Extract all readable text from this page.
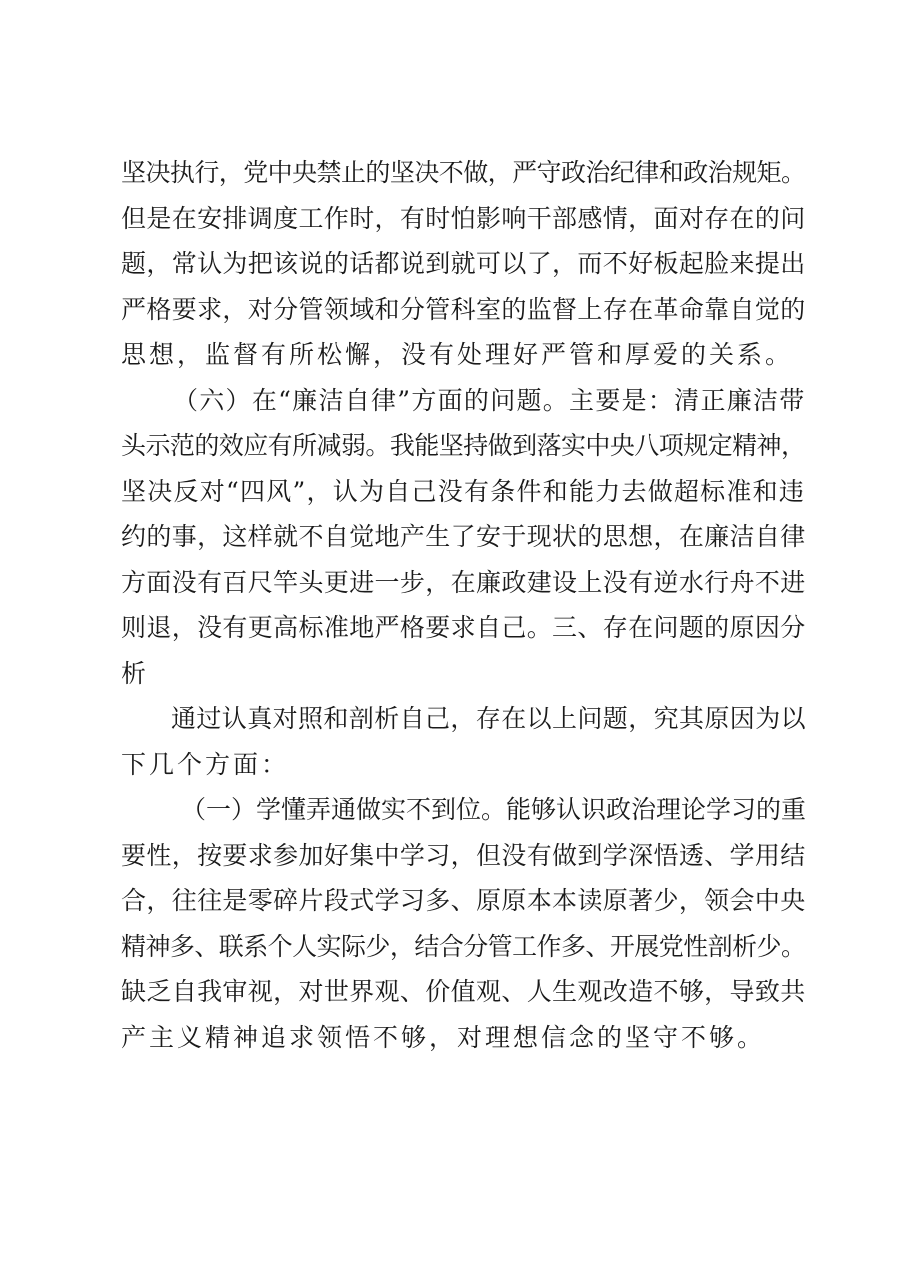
坚决执行，党中央禁止的坚决不做，严守政治纪律和政治规矩。
但是在安排调度工作时，有时怕影响干部感情，面对存在的问
题，常认为把该说的话都说到就可以了，而不好板起脸来提出
严格要求，对分管领域和分管科室的监督上存在革命靠自觉的
思想，监督有所松懈，没有处理好严管和厚爱的关系。
（六）在“廉洁自律”方面的问题。主要是：清正廉洁带
头示范的效应有所减弱。我能坚持做到落实中央八项规定精神，
坚决反对“四风”，认为自己没有条件和能力去做超标准和违
约的事，这样就不自觉地产生了安于现状的思想，在廉洁自律
方面没有百尺竿头更进一步，在廉政建设上没有逆水行舟不进
则退，没有更高标准地严格要求自己。三、存在问题的原因分
析
通过认真对照和剖析自己，存在以上问题，究其原因为以
下几个方面：
（一）学懂弄通做实不到位。能够认识政治理论学习的重
要性，按要求参加好集中学习，但没有做到学深悟透、学用结
合，往往是零碎片段式学习多、原原本本读原著少，领会中央
精神多、联系个人实际少，结合分管工作多、开展党性剖析少。
缺乏自我审视，对世界观、价值观、人生观改造不够，导致共
产主义精神追求领悟不够，对理想信念的坚守不够。
